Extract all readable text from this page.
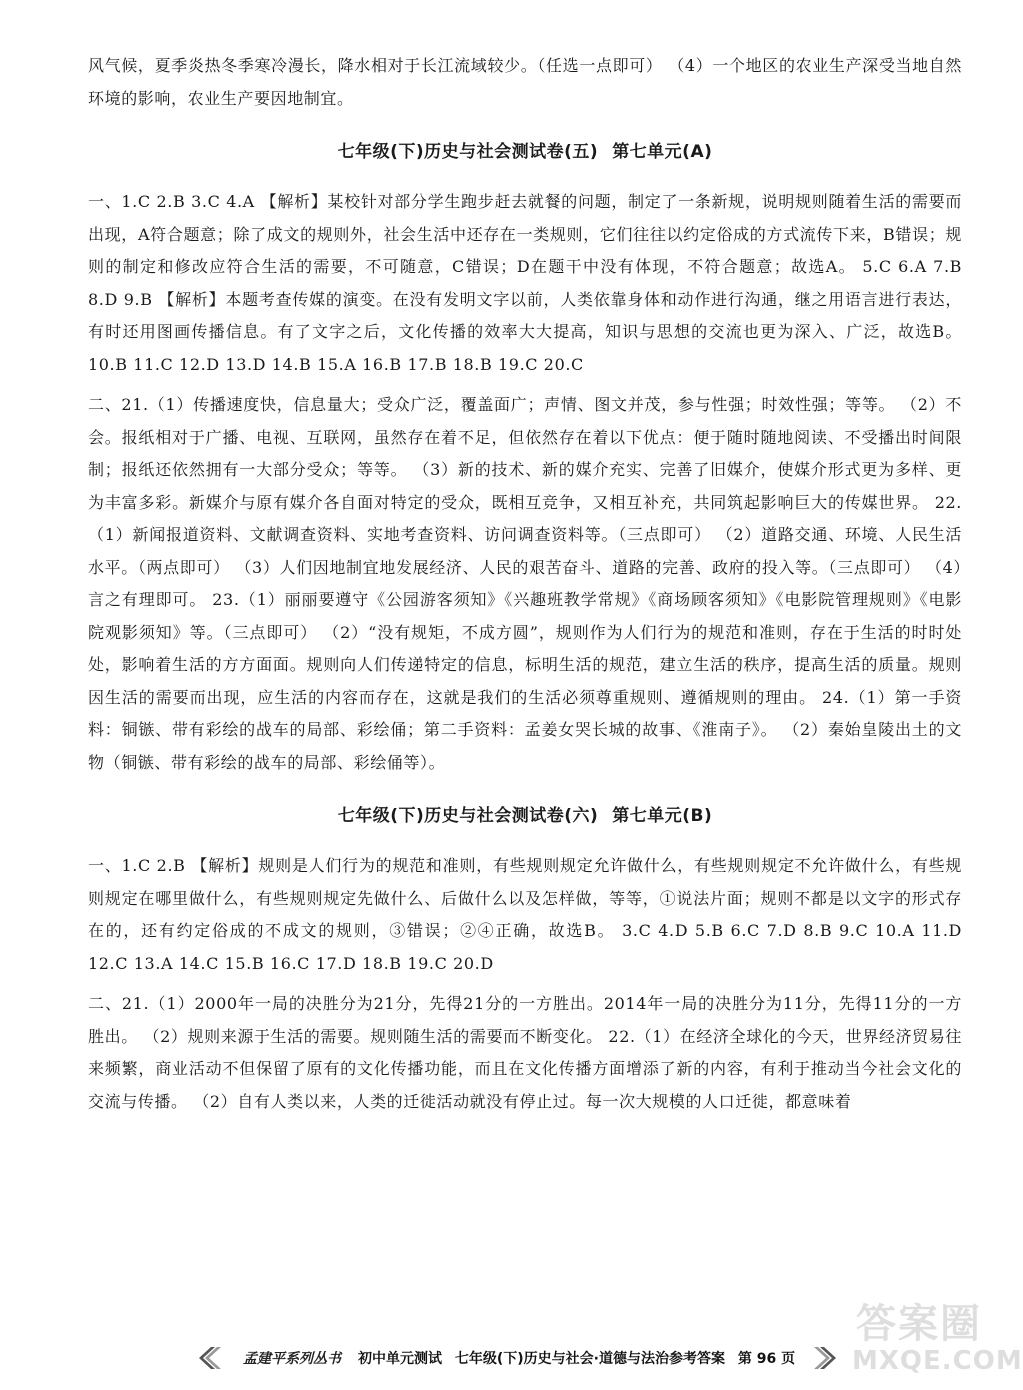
风气候，夏季炎热冬季寒冷漫长，降水相对于长江流域较少。（任选一点即可） （4）一个地区的农业生产深受当地自然环境的影响，农业生产要因地制宜。

七年级(下)历史与社会测试卷(五) 第七单元(A)

一、1.C 2.B 3.C 4.A 【解析】某校针对部分学生跑步赶去就餐的问题，制定了一条新规，说明规则随着生活的需要而出现，A符合题意；除了成文的规则外，社会生活中还存在一类规则，它们往往以约定俗成的方式流传下来，B错误；规则的制定和修改应符合生活的需要，不可随意，C错误；D在题干中没有体现，不符合题意；故选A。 5.C 6.A 7.B 8.D 9.B 【解析】本题考查传媒的演变。在没有发明文字以前，人类依靠身体和动作进行沟通，继之用语言进行表达，有时还用图画传播信息。有了文字之后，文化传播的效率大大提高，知识与思想的交流也更为深入、广泛，故选B。 10.B 11.C 12.D 13.D 14.B 15.A 16.B 17.B 18.B 19.C 20.C

二、21.（1）传播速度快，信息量大；受众广泛，覆盖面广；声情、图文并茂，参与性强；时效性强；等等。 （2）不会。报纸相对于广播、电视、互联网，虽然存在着不足，但依然存在着以下优点：便于随时随地阅读、不受播出时间限制；报纸还依然拥有一大部分受众；等等。 （3）新的技术、新的媒介充实、完善了旧媒介，使媒介形式更为多样、更为丰富多彩。新媒介与原有媒介各自面对特定的受众，既相互竞争，又相互补充，共同筑起影响巨大的传媒世界。 22.（1）新闻报道资料、文献调查资料、实地考查资料、访问调查资料等。（三点即可） （2）道路交通、环境、人民生活水平。（两点即可） （3）人们因地制宜地发展经济、人民的艰苦奋斗、道路的完善、政府的投入等。（三点即可） （4）言之有理即可。 23.（1）丽丽要遵守《公园游客须知》《兴趣班教学常规》《商场顾客须知》《电影院管理规则》《电影院观影须知》等。（三点即可） （2）“没有规矩，不成方圆”，规则作为人们行为的规范和准则，存在于生活的时时处处，影响着生活的方方面面。规则向人们传递特定的信息，标明生活的规范，建立生活的秩序，提高生活的质量。规则因生活的需要而出现，应生活的内容而存在，这就是我们的生活必须尊重规则、遵循规则的理由。 24.（1）第一手资料：铜镞、带有彩绘的战车的局部、彩绘俑；第二手资料：孟姜女哭长城的故事、《淮南子》。 （2）秦始皇陵出土的文物（铜镞、带有彩绘的战车的局部、彩绘俑等）。

七年级(下)历史与社会测试卷(六) 第七单元(B)

一、1.C 2.B 【解析】规则是人们行为的规范和准则，有些规则规定允许做什么，有些规则规定不允许做什么，有些规则规定在哪里做什么，有些规则规定先做什么、后做什么以及怎样做，等等，①说法片面；规则不都是以文字的形式存在的，还有约定俗成的不成文的规则，③错误；②④正确，故选B。 3.C 4.D 5.B 6.C 7.D 8.B 9.C 10.A 11.D 12.C 13.A 14.C 15.B 16.C 17.D 18.B 19.C 20.D

二、21.（1）2000年一局的决胜分为21分，先得21分的一方胜出。2014年一局的决胜分为11分，先得11分的一方胜出。 （2）规则来源于生活的需要。规则随生活的需要而不断变化。 22.（1）在经济全球化的今天，世界经济贸易往来频繁，商业活动不但保留了原有的文化传播功能，而且在文化传播方面增添了新的内容，有利于推动当今社会文化的交流与传播。 （2）自有人类以来，人类的迁徙活动就没有停止过。每一次大规模的人口迁徙，都意味着

孟建平系列丛书 初中单元测试 七年级(下)历史与社会·道德与法治参考答案 第 96 页
答案圈
MXQE.COM
